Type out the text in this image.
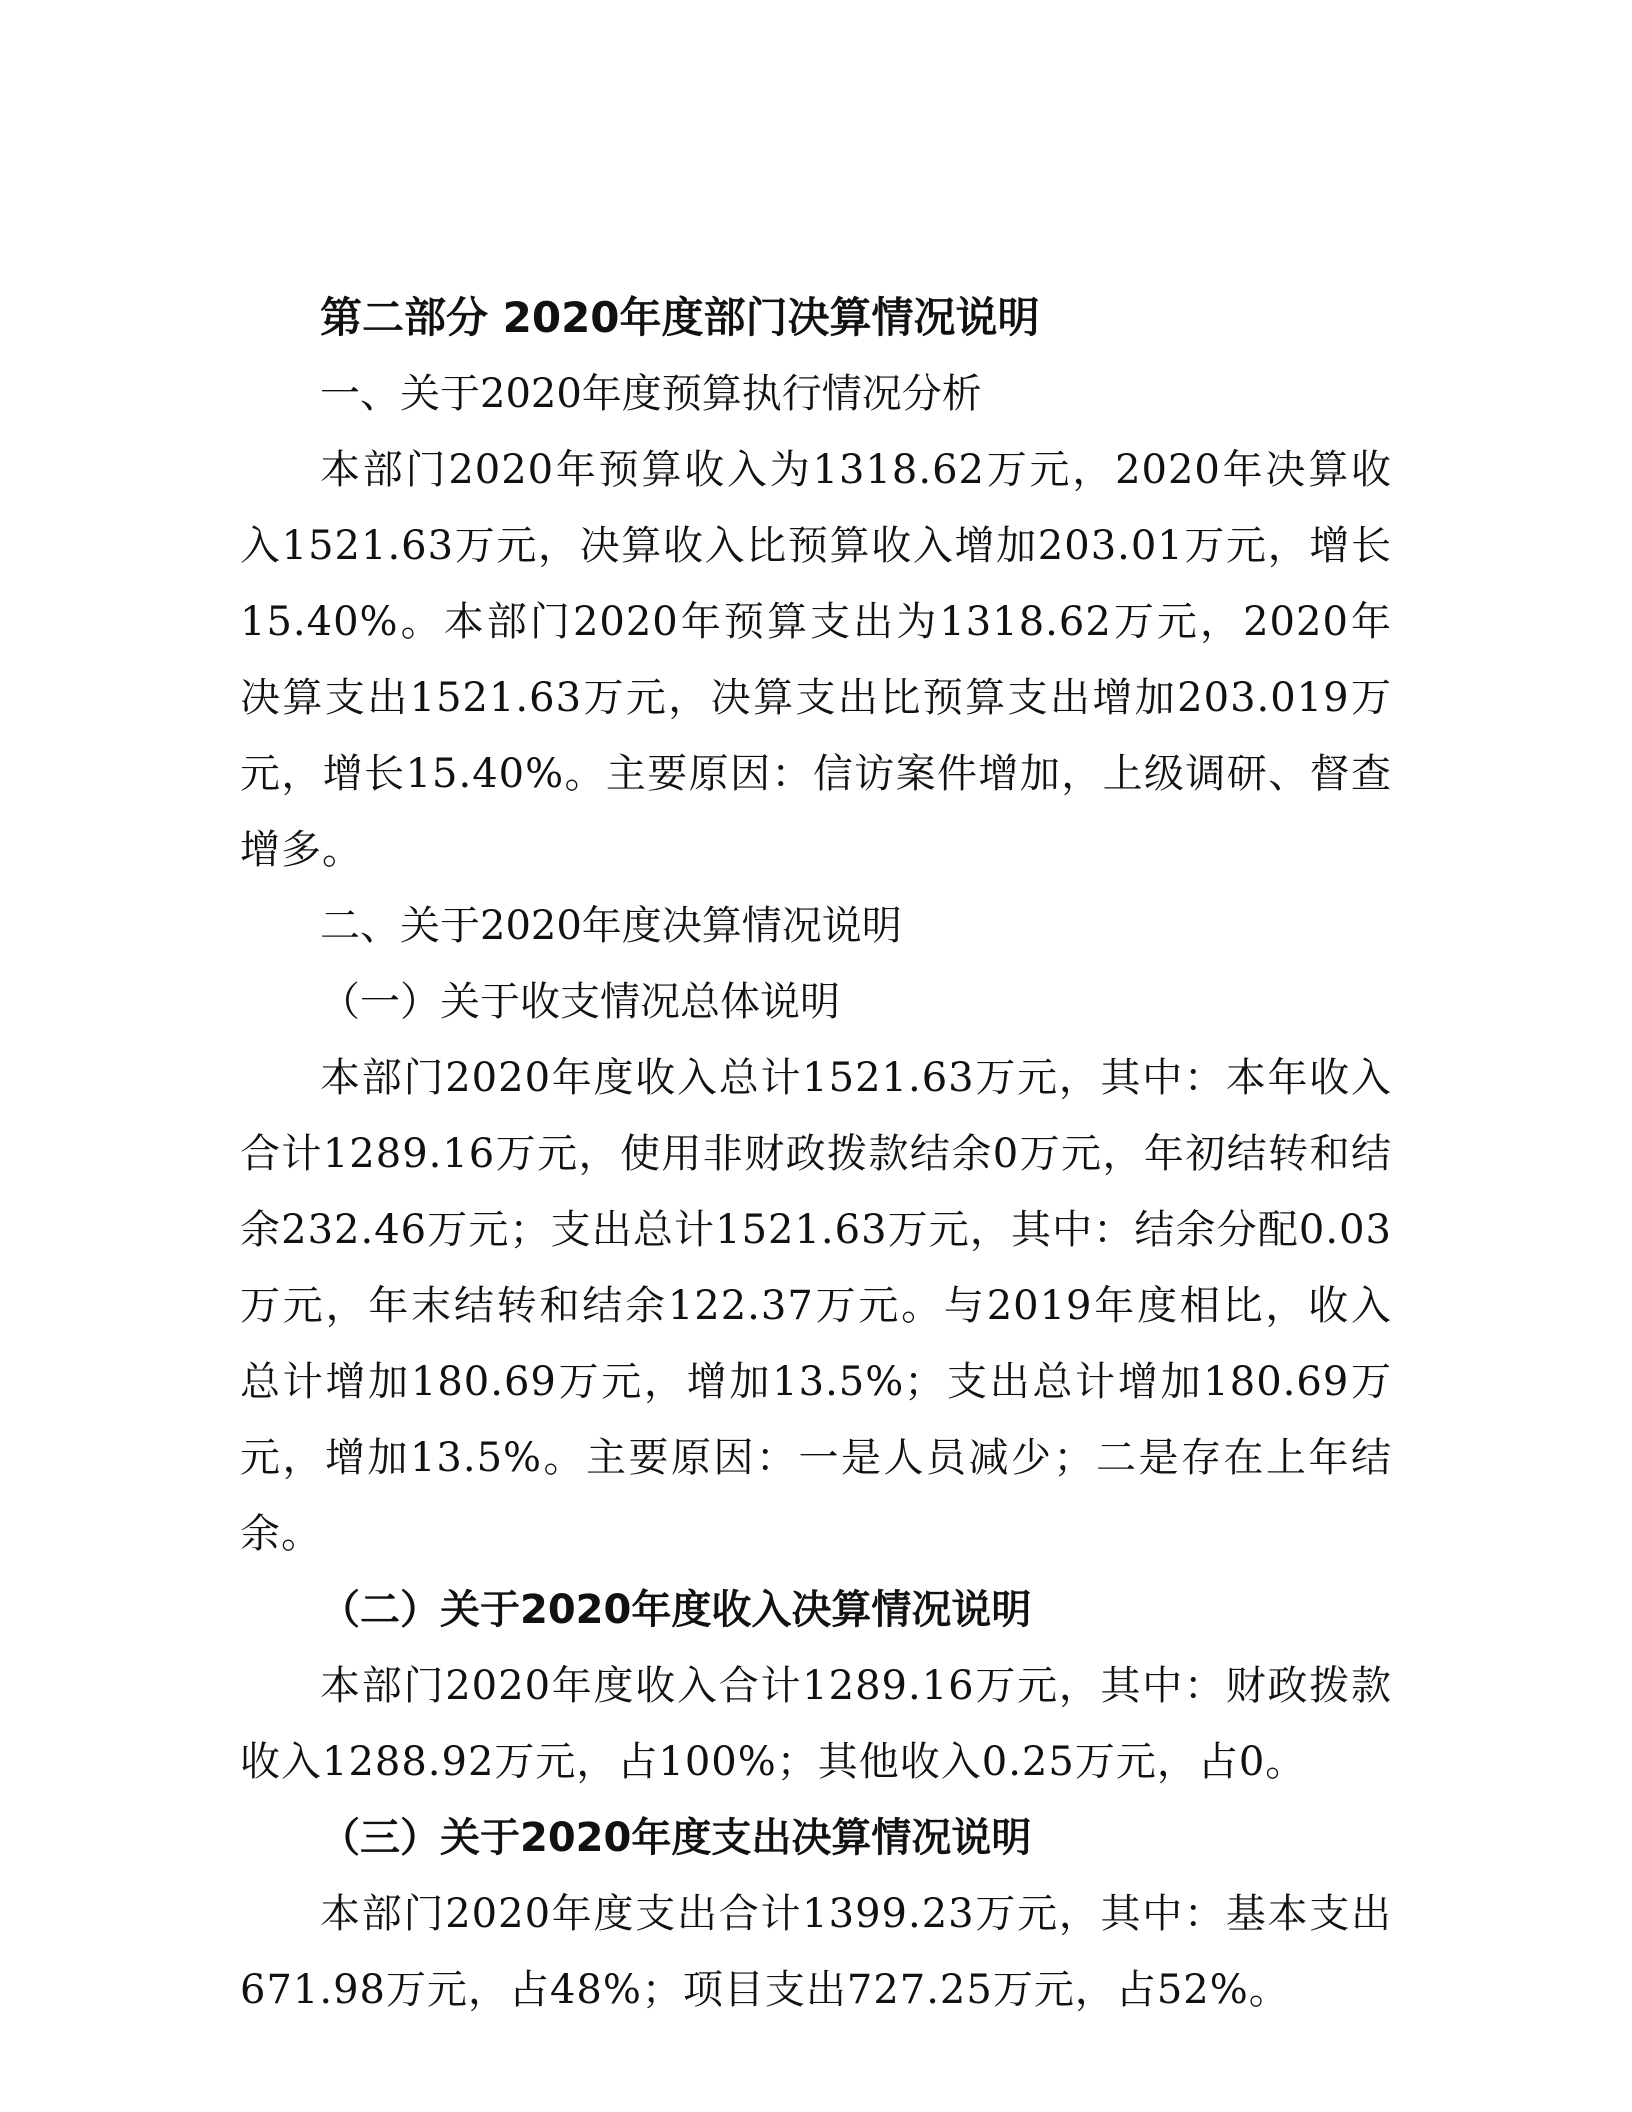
第二部分 2020年度部门决算情况说明
一、关于2020年度预算执行情况分析

本部门2020年预算收入为1318.62万元，2020年决算收入1521.63万元，决算收入比预算收入增加203.01万元，增长15.40%。本部门2020年预算支出为1318.62万元，2020年决算支出1521.63万元，决算支出比预算支出增加203.019万元，增长15.40%。主要原因：信访案件增加，上级调研、督查增多。

二、关于2020年度决算情况说明
（一）关于收支情况总体说明

本部门2020年度收入总计1521.63万元，其中：本年收入合计1289.16万元，使用非财政拨款结余0万元，年初结转和结余232.46万元；支出总计1521.63万元，其中：结余分配0.03万元，年末结转和结余122.37万元。与2019年度相比，收入总计增加180.69万元，增加13.5%；支出总计增加180.69万元，增加13.5%。主要原因：一是人员减少；二是存在上年结余。

（二）关于2020年度收入决算情况说明

本部门2020年度收入合计1289.16万元，其中：财政拨款收入1288.92万元，占100%；其他收入0.25万元，占0。

（三）关于2020年度支出决算情况说明

本部门2020年度支出合计1399.23万元，其中：基本支出671.98万元，占48%；项目支出727.25万元，占52%。
